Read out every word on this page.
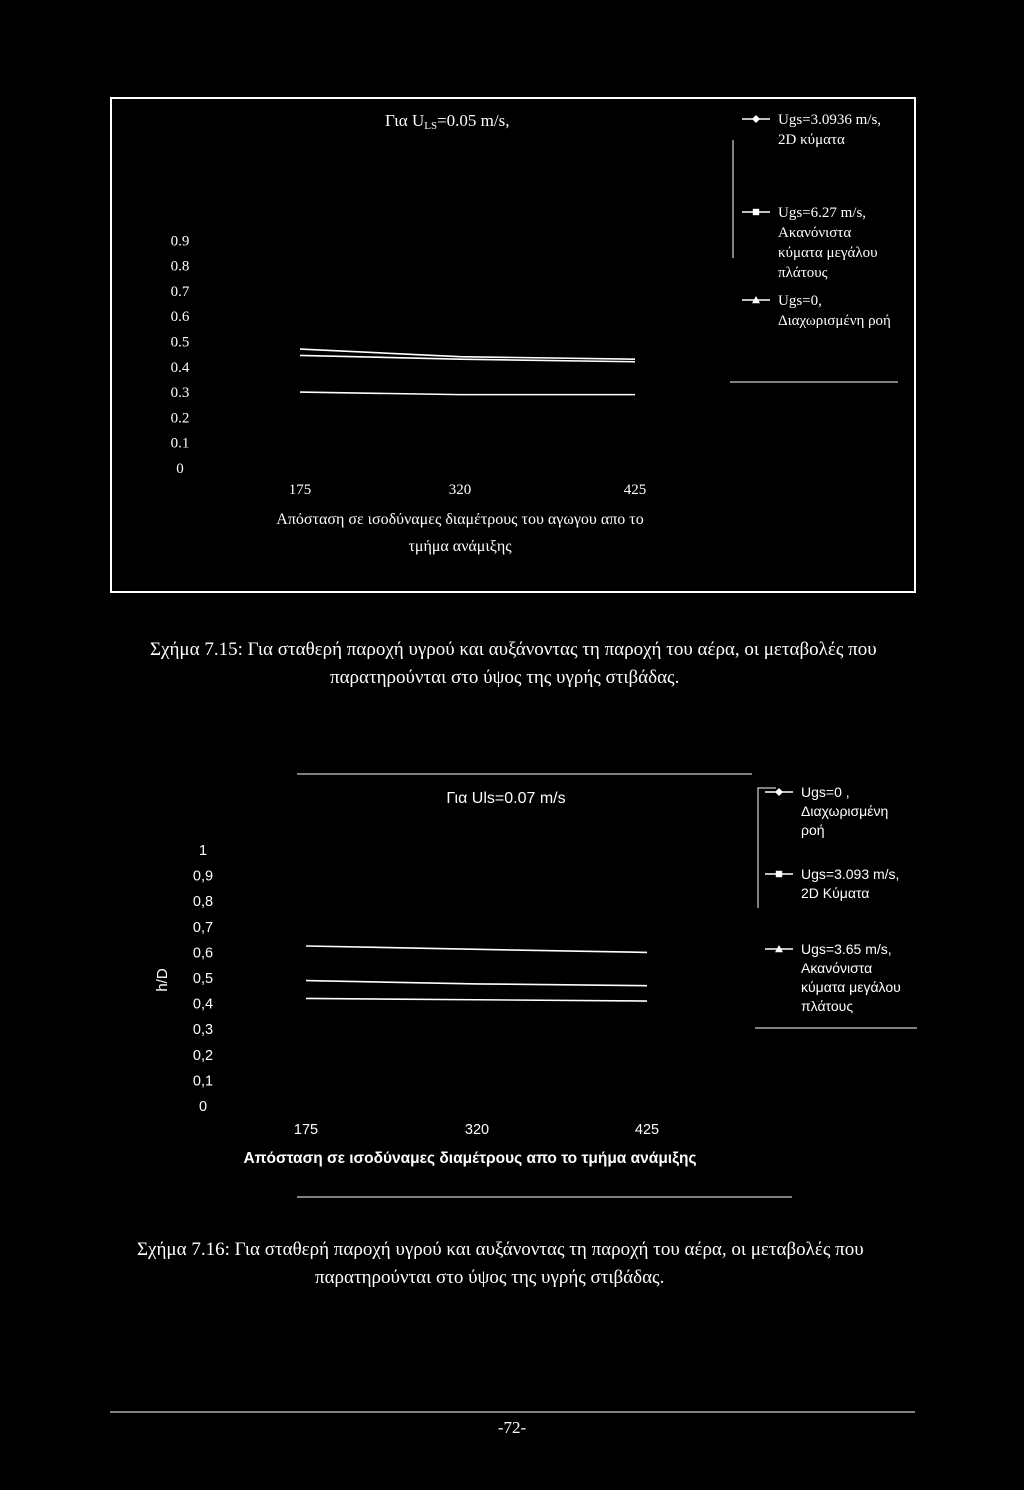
Για ULS=0.05 m/s,
Απόσταση σε ισοδύναμες διαμέτρους του αγωγου απο το
τμήμα ανάμιξης
0
0.1
0.2
0.3
0.4
0.5
0.6
0.7
0.8
0.9
175	320	425
Ugs=3.0936 m/s,
2D κύματα
Ugs=6.27 m/s,
Ακανόνιστα
κύματα μεγάλου
πλάτους
Ugs=0,
Διαχωρισμένη ροή
Σχήμα 7.15: Για σταθερή παροχή υγρού και αυξάνοντας τη παροχή του αέρα, οι μεταβολές που
παρατηρούνται στο ύψος της υγρής στιβάδας.
Για Uls=0.07 m/s
h/D
Απόσταση σε ισοδύναμες διαμέτρους απο το τμήμα ανάμιξης
0
0,1
0,2
0,3
0,4
0,5
0,6
0,7
0,8
0,9
1
175	320	425
Ugs=0 ,
Διαχωρισμένη
ροή
Ugs=3.093 m/s,
2D Κύματα
Ugs=3.65 m/s,
Ακανόνιστα
κύματα μεγάλου
πλάτους
Σχήμα 7.16: Για σταθερή παροχή υγρού και αυξάνοντας τη παροχή του αέρα, οι μεταβολές που
παρατηρούνται στο ύψος της υγρής στιβάδας.
-72-
